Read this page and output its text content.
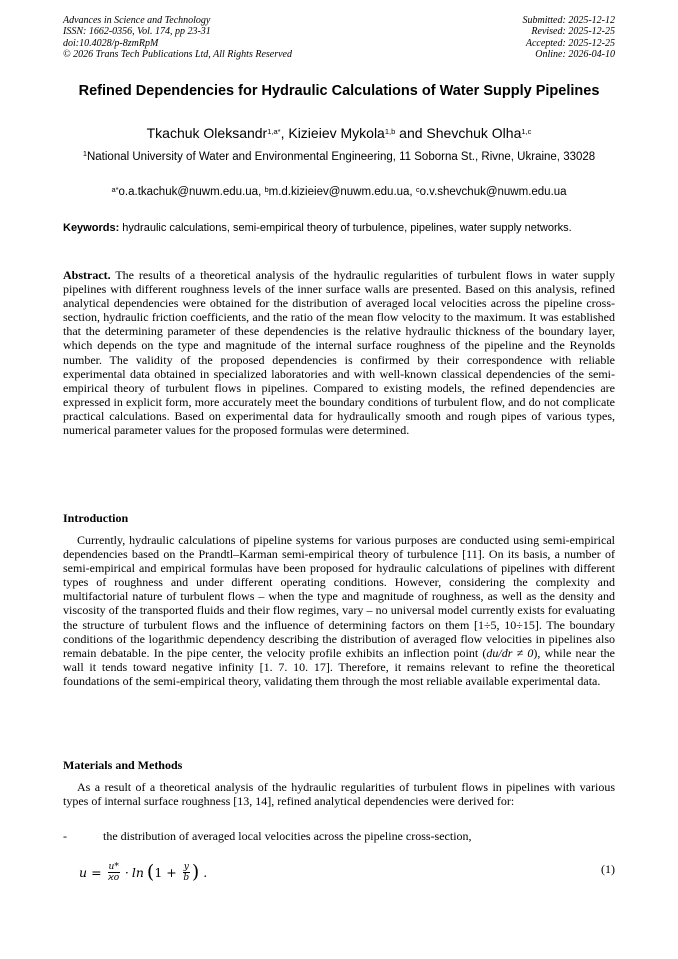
Advances in Science and Technology
ISSN: 1662-0356, Vol. 174, pp 23-31
doi:10.4028/p-8zmRpM
© 2026 Trans Tech Publications Ltd, All Rights Reserved
Submitted: 2025-12-12
Revised: 2025-12-25
Accepted: 2025-12-25
Online: 2026-04-10
Refined Dependencies for Hydraulic Calculations of Water Supply Pipelines
Tkachuk Oleksandr$^{1,a*}$, Kizieiev Mykola$^{1,b}$ and Shevchuk Olha$^{1,c}$
$^1$National University of Water and Environmental Engineering, 11 Soborna St., Rivne, Ukraine, 33028
$^{a*}$o.a.tkachuk@nuwm.edu.ua, $^b$m.d.kizieiev@nuwm.edu.ua, $^c$o.v.shevchuk@nuwm.edu.ua
Keywords: hydraulic calculations, semi-empirical theory of turbulence, pipelines, water supply networks.
Abstract. The results of a theoretical analysis of the hydraulic regularities of turbulent flows in water supply pipelines with different roughness levels of the inner surface walls are presented. Based on this analysis, refined analytical dependencies were obtained for the distribution of averaged local velocities across the pipeline cross-section, hydraulic friction coefficients, and the ratio of the mean flow velocity to the maximum. It was established that the determining parameter of these dependencies is the relative hydraulic thickness of the boundary layer, which depends on the type and magnitude of the internal surface roughness of the pipeline and the Reynolds number. The validity of the proposed dependencies is confirmed by their correspondence with reliable experimental data obtained in specialized laboratories and with well-known classical dependencies of the semi-empirical theory of turbulent flows in pipelines. Compared to existing models, the refined dependencies are expressed in explicit form, more accurately meet the boundary conditions of turbulent flow, and do not complicate practical calculations. Based on experimental data for hydraulically smooth and rough pipes of various types, numerical parameter values for the proposed formulas were determined.
Introduction
Currently, hydraulic calculations of pipeline systems for various purposes are conducted using semi-empirical dependencies based on the Prandtl–Karman semi-empirical theory of turbulence [11]. On its basis, a number of semi-empirical and empirical formulas have been proposed for hydraulic calculations of pipelines with different types of roughness and under different operating conditions. However, considering the complexity and multifactorial nature of turbulent flows – when the type and magnitude of roughness, as well as the density and viscosity of the transported fluids and their flow regimes, vary – no universal model currently exists for evaluating the structure of turbulent flows and the influence of determining factors on them [1÷5, 10÷15]. The boundary conditions of the logarithmic dependency describing the distribution of averaged flow velocities in pipelines also remain debatable. In the pipe center, the velocity profile exhibits an inflection point (du/dr ≠ 0), while near the wall it tends toward negative infinity [1. 7. 10. 17]. Therefore, it remains relevant to refine the theoretical foundations of the semi-empirical theory, validating them through the most reliable available experimental data.
Materials and Methods
As a result of a theoretical analysis of the hydraulic regularities of turbulent flows in pipelines with various types of internal surface roughness [13, 14], refined analytical dependencies were derived for:
-	the distribution of averaged local velocities across the pipeline cross-section,
$u = \frac{u*}{ϰo} \cdot \ln$ ( $1 + \frac{y}{b}$ ) .	(1)
